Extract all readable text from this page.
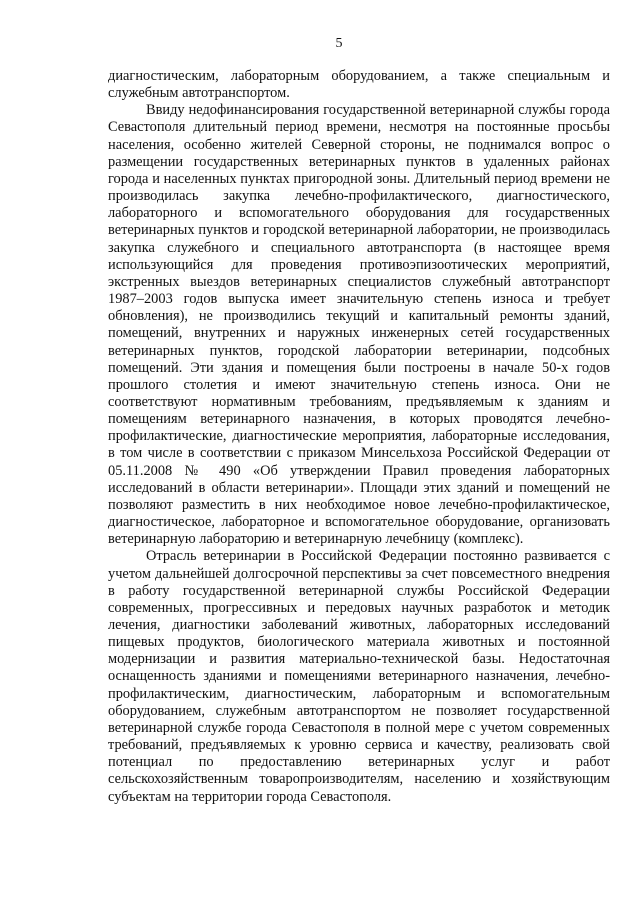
5

диагностическим, лабораторным оборудованием, а также специальным и служебным автотранспортом.

Ввиду недофинансирования государственной ветеринарной службы города Севастополя длительный период времени, несмотря на постоянные просьбы населения, особенно жителей Северной стороны, не поднимался вопрос о размещении государственных ветеринарных пунктов в удаленных районах города и населенных пунктах пригородной зоны. Длительный период времени не производилась закупка лечебно-профилактического, диагностического, лабораторного и вспомогательного оборудования для государственных ветеринарных пунктов и городской ветеринарной лаборатории, не производилась закупка служебного и специального автотранспорта (в настоящее время использующийся для проведения противоэпизоотических мероприятий, экстренных выездов ветеринарных специалистов служебный автотранспорт 1987–2003 годов выпуска имеет значительную степень износа и требует обновления), не производились текущий и капитальный ремонты зданий, помещений, внутренних и наружных инженерных сетей государственных ветеринарных пунктов, городской лаборатории ветеринарии, подсобных помещений. Эти здания и помещения были построены в начале 50-х годов прошлого столетия и имеют значительную степень износа. Они не соответствуют нормативным требованиям, предъявляемым к зданиям и помещениям ветеринарного назначения, в которых проводятся лечебно-профилактические, диагностические мероприятия, лабораторные исследования, в том числе в соответствии с приказом Минсельхоза Российской Федерации от 05.11.2008 № 490 «Об утверждении Правил проведения лабораторных исследований в области ветеринарии». Площади этих зданий и помещений не позволяют разместить в них необходимое новое лечебно-профилактическое, диагностическое, лабораторное и вспомогательное оборудование, организовать ветеринарную лабораторию и ветеринарную лечебницу (комплекс).

Отрасль ветеринарии в Российской Федерации постоянно развивается с учетом дальнейшей долгосрочной перспективы за счет повсеместного внедрения в работу государственной ветеринарной службы Российской Федерации современных, прогрессивных и передовых научных разработок и методик лечения, диагностики заболеваний животных, лабораторных исследований пищевых продуктов, биологического материала животных и постоянной модернизации и развития материально-технической базы. Недостаточная оснащенность зданиями и помещениями ветеринарного назначения, лечебно-профилактическим, диагностическим, лабораторным и вспомогательным оборудованием, служебным автотранспортом не позволяет государственной ветеринарной службе города Севастополя в полной мере с учетом современных требований, предъявляемых к уровню сервиса и качеству, реализовать свой потенциал по предоставлению ветеринарных услуг и работ сельскохозяйственным товаропроизводителям, населению и хозяйствующим субъектам на территории города Севастополя.
